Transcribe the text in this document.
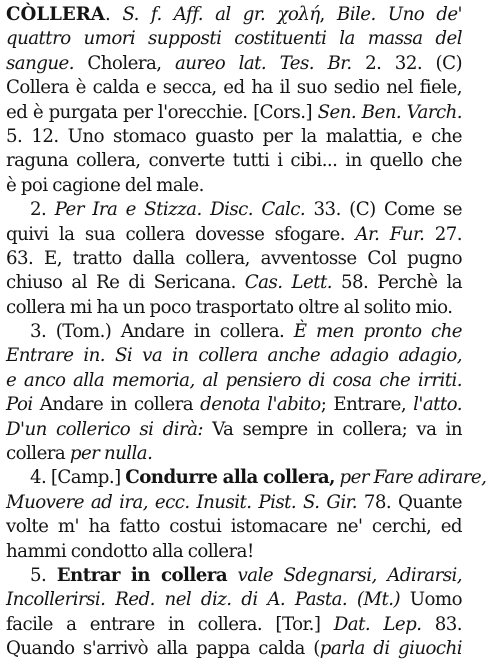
CÒLLERA. S. f. Aff. al gr. χολή, Bile. Uno de'
quattro umori supposti costituenti la massa del
sangue. Cholera, aureo lat. Tes. Br. 2. 32. (C)
Collera è calda e secca, ed ha il suo sedio nel fiele,
ed è purgata per l'orecchie. [Cors.] Sen. Ben. Varch.
5. 12. Uno stomaco guasto per la malattia, e che
raguna collera, converte tutti i cibi... in quello che
è poi cagione del male.
2. Per Ira e Stizza. Disc. Calc. 33. (C) Come se
quivi la sua collera dovesse sfogare. Ar. Fur. 27.
63. E, tratto dalla collera, avventosse Col pugno
chiuso al Re di Sericana. Cas. Lett. 58. Perchè la
collera mi ha un poco trasportato oltre al solito mio.
3. (Tom.) Andare in collera. È men pronto che
Entrare in. Si va in collera anche adagio adagio,
e anco alla memoria, al pensiero di cosa che irriti.
Poi Andare in collera denota l'abito; Entrare, l'atto.
D'un collerico si dirà: Va sempre in collera; va in
collera per nulla.
4. [Camp.] Condurre alla collera, per Fare adirare,
Muovere ad ira, ecc. Inusit. Pist. S. Gir. 78. Quante
volte m' ha fatto costui istomacare ne' cerchi, ed
hammi condotto alla collera!
5. Entrar in collera vale Sdegnarsi, Adirarsi,
Incollerirsi. Red. nel diz. di A. Pasta. (Mt.) Uomo
facile a entrare in collera. [Tor.] Dat. Lep. 83.
Quando s'arrivò alla pappa calda (parla di giuochi
